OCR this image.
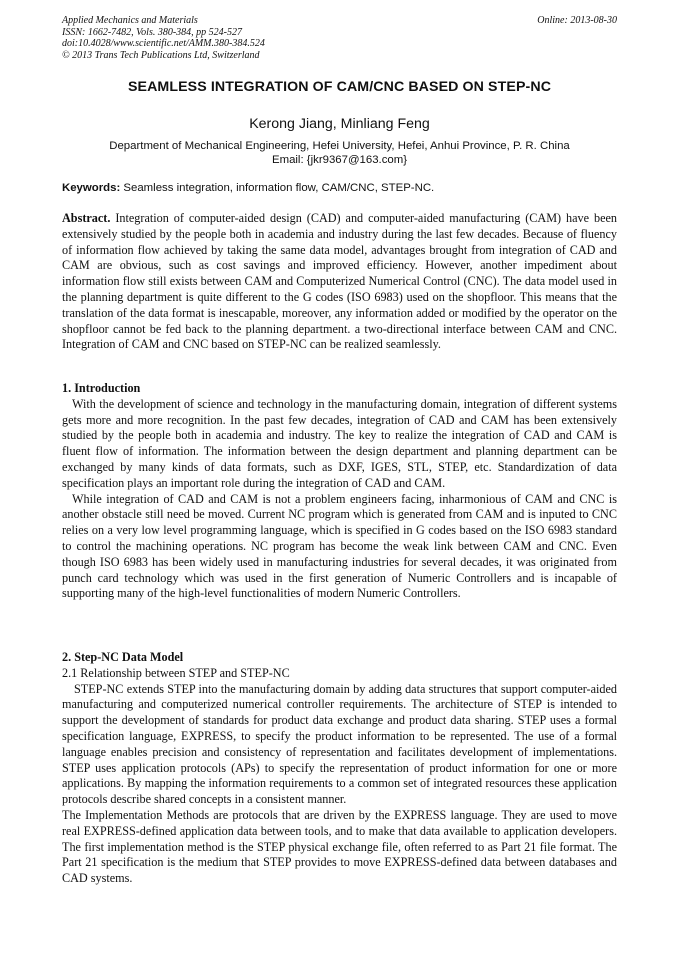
Applied Mechanics and Materials
ISSN: 1662-7482, Vols. 380-384, pp 524-527
doi:10.4028/www.scientific.net/AMM.380-384.524
© 2013 Trans Tech Publications Ltd, Switzerland
Online: 2013-08-30
SEAMLESS INTEGRATION OF CAM/CNC BASED ON STEP-NC
Kerong Jiang, Minliang Feng
Department of Mechanical Engineering, Hefei University, Hefei, Anhui Province, P. R. China
Email: {jkr9367@163.com}
Keywords: Seamless integration, information flow, CAM/CNC, STEP-NC.

Abstract. Integration of computer-aided design (CAD) and computer-aided manufacturing (CAM) have been extensively studied by the people both in academia and industry during the last few decades. Because of fluency of information flow achieved by taking the same data model, advantages brought from integration of CAD and CAM are obvious, such as cost savings and improved efficiency. However, another impediment about information flow still exists between CAM and Computerized Numerical Control (CNC). The data model used in the planning department is quite different to the G codes (ISO 6983) used on the shopfloor. This means that the translation of the data format is inescapable, moreover, any information added or modified by the operator on the shopfloor cannot be fed back to the planning department. a two-directional interface between CAM and CNC. Integration of CAM and CNC based on STEP-NC can be realized seamlessly.

1. Introduction

With the development of science and technology in the manufacturing domain, integration of different systems gets more and more recognition. In the past few decades, integration of CAD and CAM has been extensively studied by the people both in academia and industry. The key to realize the integration of CAD and CAM is fluent flow of information. The information between the design department and planning department can be exchanged by many kinds of data formats, such as DXF, IGES, STL, STEP, etc. Standardization of data specification plays an important role during the integration of CAD and CAM.

While integration of CAD and CAM is not a problem engineers facing, inharmonious of CAM and CNC is another obstacle still need be moved. Current NC program which is generated from CAM and is inputed to CNC relies on a very low level programming language, which is specified in G codes based on the ISO 6983 standard to control the machining operations. NC program has become the weak link between CAM and CNC. Even though ISO 6983 has been widely used in manufacturing industries for several decades, it was originated from punch card technology which was used in the first generation of Numeric Controllers and is incapable of supporting many of the high-level functionalities of modern Numeric Controllers.

2. Step-NC Data Model

2.1 Relationship between STEP and STEP-NC

STEP-NC extends STEP into the manufacturing domain by adding data structures that support computer-aided manufacturing and computerized numerical controller requirements. The architecture of STEP is intended to support the development of standards for product data exchange and product data sharing. STEP uses a formal specification language, EXPRESS, to specify the product information to be represented. The use of a formal language enables precision and consistency of representation and facilitates development of implementations. STEP uses application protocols (APs) to specify the representation of product information for one or more applications. By mapping the information requirements to a common set of integrated resources these application protocols describe shared concepts in a consistent manner.

The Implementation Methods are protocols that are driven by the EXPRESS language. They are used to move real EXPRESS-defined application data between tools, and to make that data available to application developers. The first implementation method is the STEP physical exchange file, often referred to as Part 21 file format. The Part 21 specification is the medium that STEP provides to move EXPRESS-defined data between databases and CAD systems.
